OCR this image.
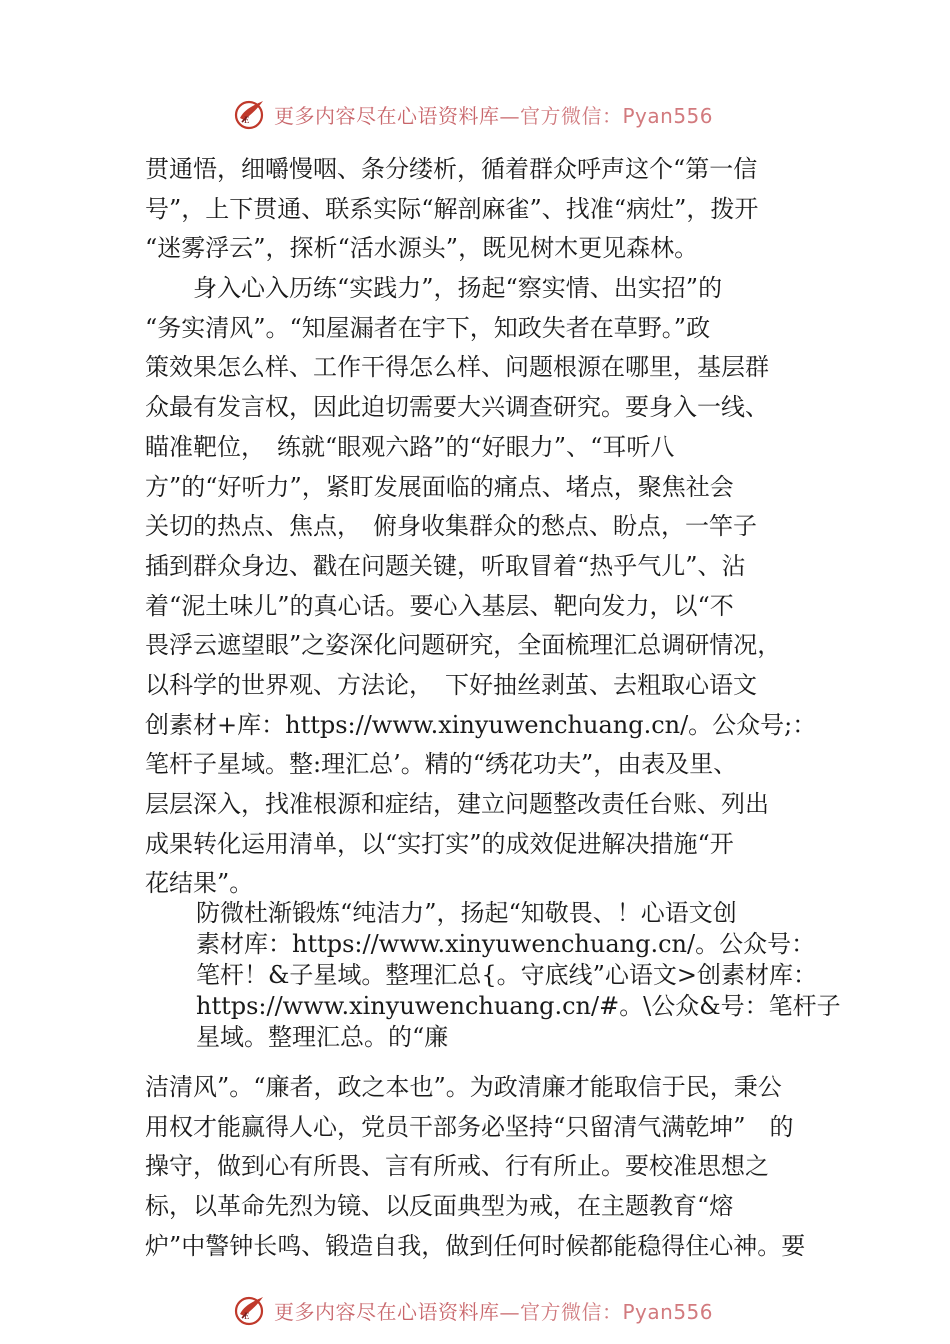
E 更多内容尽在心语资料库—官方微信：Pyan556
贯通悟，细嚼慢咽、条分缕析，循着群众呼声这个“第一信
号”，上下贯通、联系实际“解剖麻雀”、找准“病灶”，拨开
“迷雾浮云”，探析“活水源头”，既见树木更见森林。
　　身入心入历练“实践力”，扬起“察实情、出实招”的
“务实清风”。“知屋漏者在宇下，知政失者在草野。”政
策效果怎么样、工作干得怎么样、问题根源在哪里，基层群
众最有发言权，因此迫切需要大兴调查研究。要身入一线、
瞄准靶位，　练就“眼观六路”的“好眼力”、“耳听八
方”的“好听力”，紧盯发展面临的痛点、堵点，聚焦社会
关切的热点、焦点，　俯身收集群众的愁点、盼点，一竿子
插到群众身边、戳在问题关键，听取冒着“热乎气儿”、沾
着“泥土味儿”的真心话。要心入基层、靶向发力，以“不
畏浮云遮望眼”之姿深化问题研究，全面梳理汇总调研情况，
以科学的世界观、方法论，　下好抽丝剥茧、去粗取心语文
创素材+库：https://www.xinyuwenchuang.cn/。公众号;：
笔杆子星域。整:理汇总’。精的“绣花功夫”，由表及里、
层层深入，找准根源和症结，建立问题整改责任台账、列出
成果转化运用清单，以“实打实”的成效促进解决措施“开
花结果”。
防微杜渐锻炼“纯洁力”，扬起“知敬畏、！心语文创
素材库：https://www.xinyuwenchuang.cn/。公众号：
笔杆！&子星域。整理汇总{。守底线”心语文>创素材库：
https://www.xinyuwenchuang.cn/#。\公众&号：笔杆子
星域。整理汇总。的“廉
洁清风”。“廉者，政之本也”。为政清廉才能取信于民，秉公
用权才能赢得人心，党员干部务必坚持“只留清气满乾坤”　的
操守，做到心有所畏、言有所戒、行有所止。要校准思想之
标，以革命先烈为镜、以反面典型为戒，在主题教育“熔
炉”中警钟长鸣、锻造自我，做到任何时候都能稳得住心神。要
E 更多内容尽在心语资料库—官方微信：Pyan556
